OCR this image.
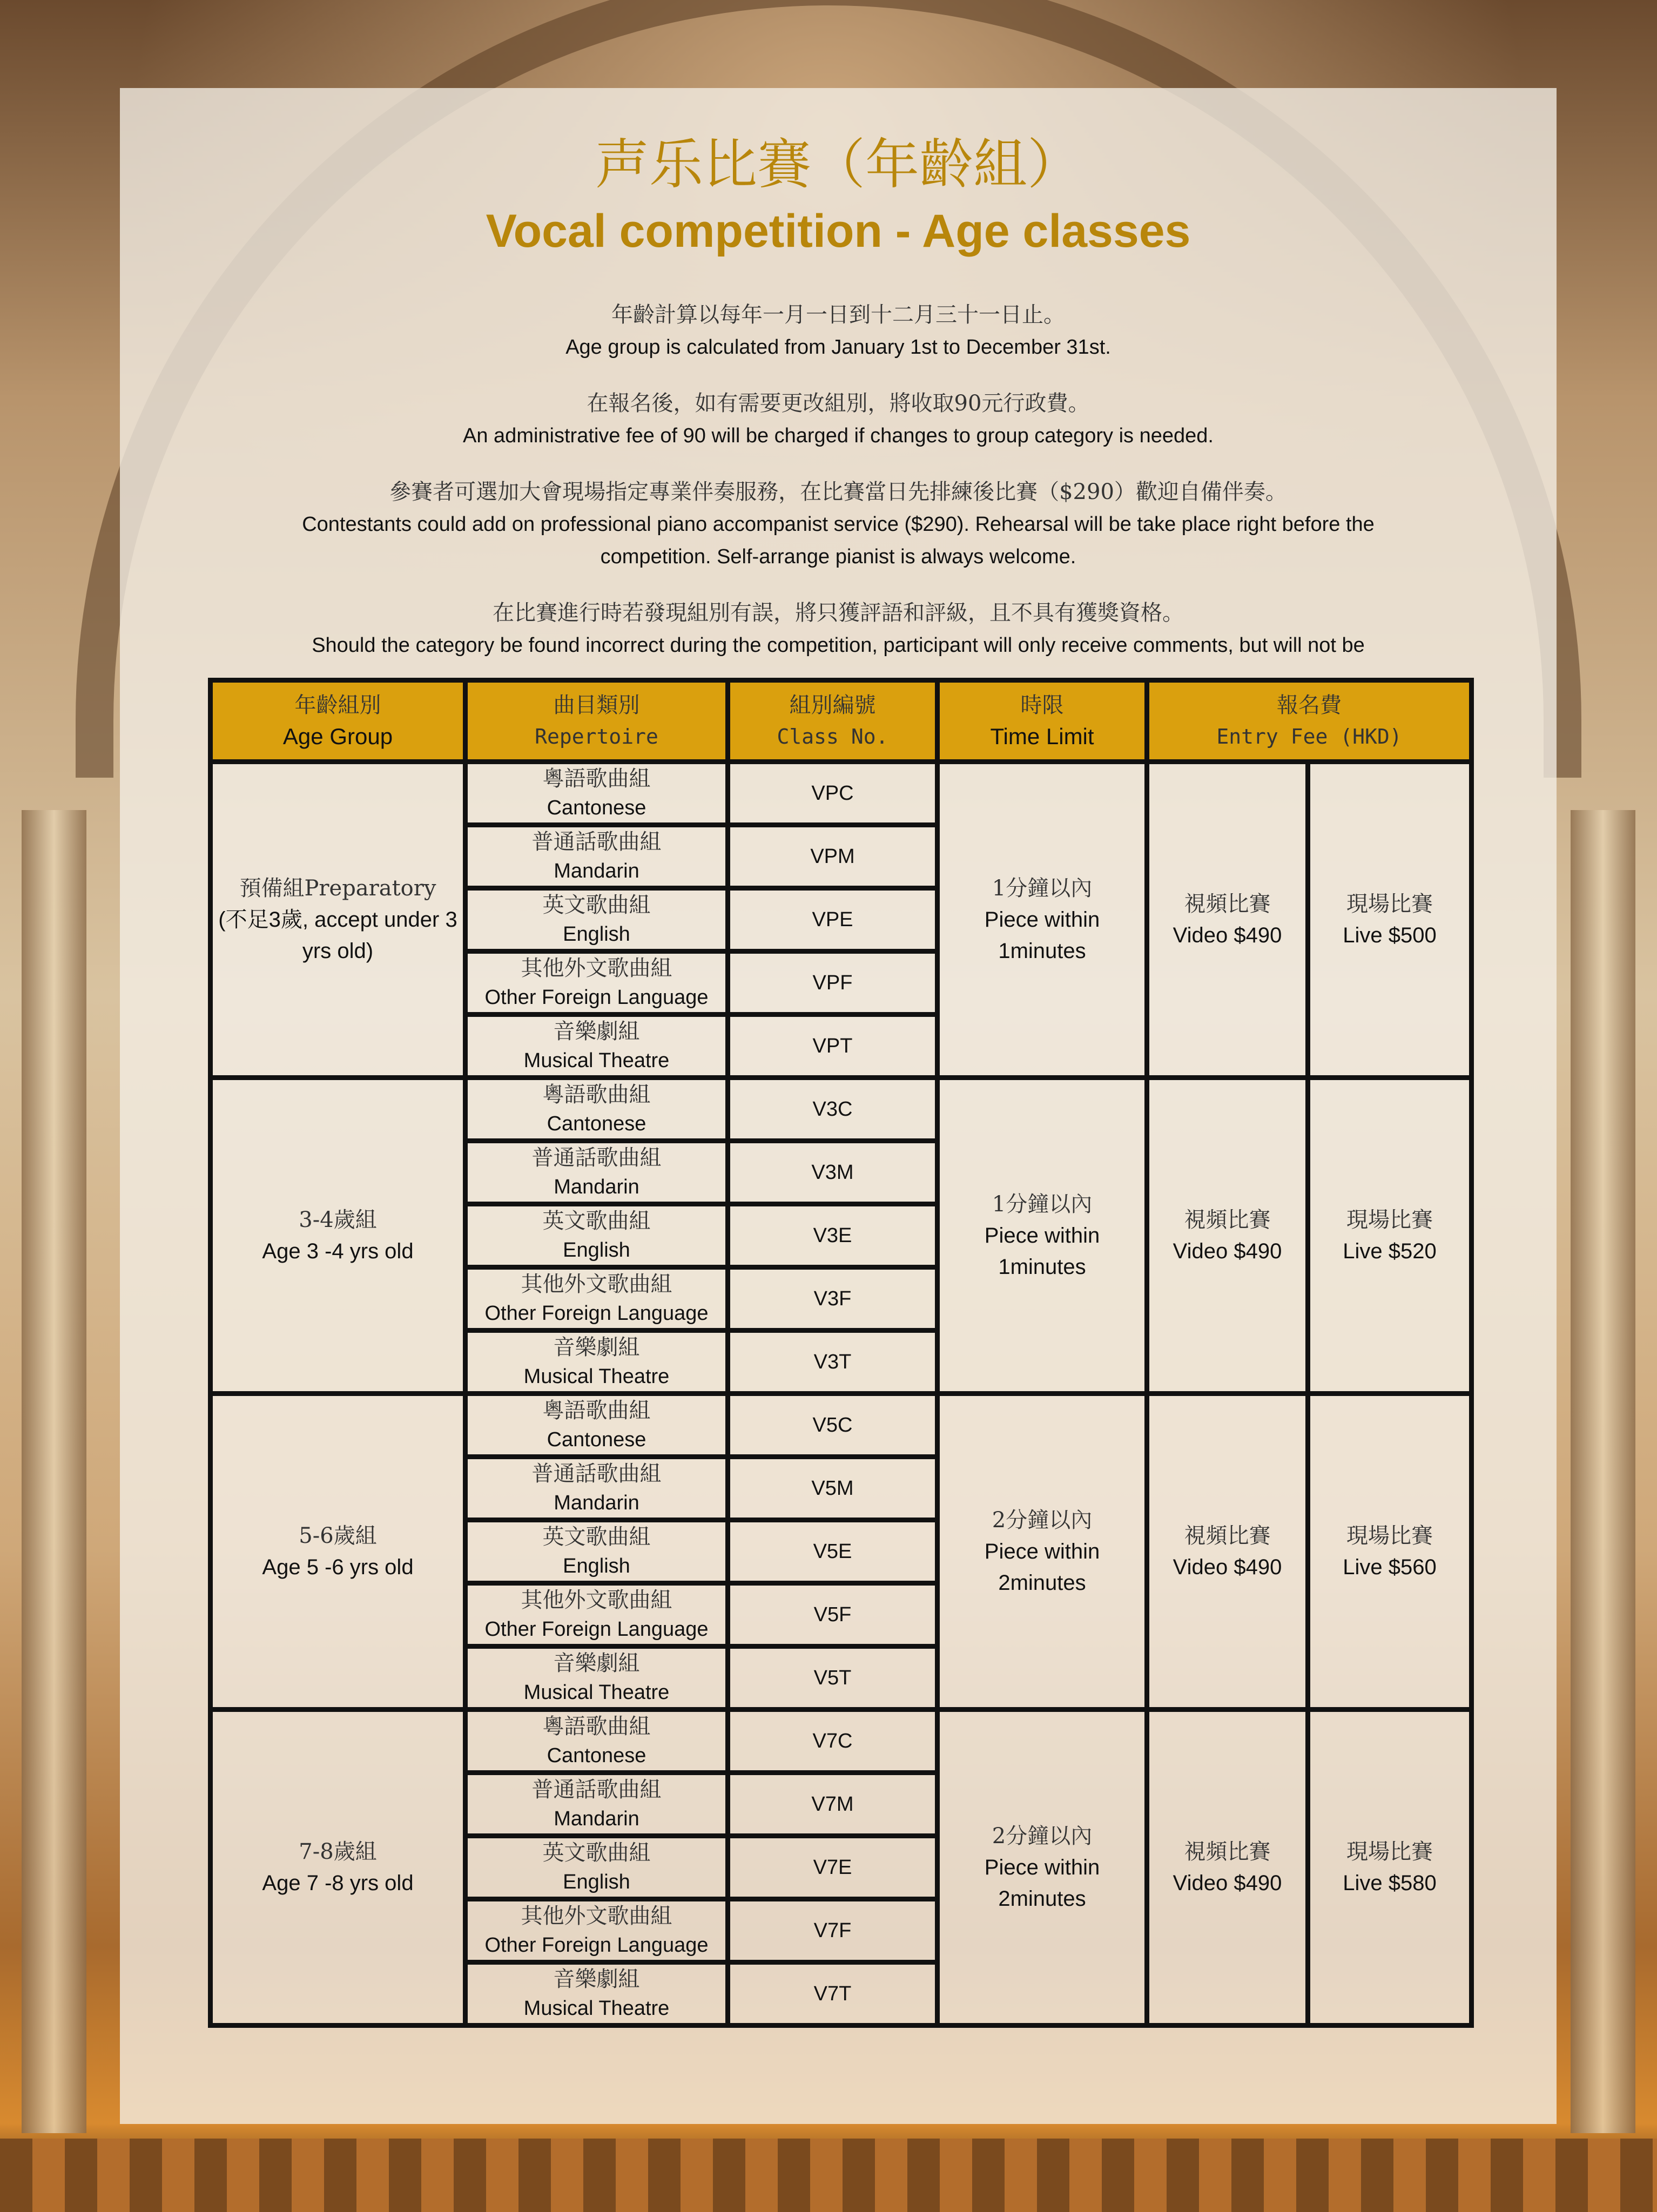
声乐比賽（年齡組）
Vocal competition - Age classes
年齡計算以每年一月一日到十二月三十一日止。
Age group is calculated from January 1st to December 31st.
在報名後，如有需要更改組別，將收取90元行政費。
An administrative fee of 90 will be charged if changes to group category is needed.
參賽者可選加大會現場指定專業伴奏服務，在比賽當日先排練後比賽（$290）歡迎自備伴奏。
Contestants could add on professional piano accompanist service ($290). Rehearsal will be take place right before the competition. Self-arrange pianist is always welcome.
在比賽進行時若發現組別有誤，將只獲評語和評級，且不具有獲獎資格。
Should the category be found incorrect during the competition, participant will only receive comments, but will not be
年齡組別
Age Group	曲目類別
Repertoire	組別編號
Class No.	時限
Time Limit	報名費
Entry Fee (HKD)	

預備組Preparatory
(不足3歲, accept under 3 yrs old)	粵語歌曲組
Cantonese	VPC	1分鐘以內
Piece within
1minutes	視頻比賽
Video $490	現場比賽
Live $500

	普通話歌曲組
Mandarin	VPM			

	英文歌曲組
English	VPE			

	其他外文歌曲組
Other Foreign Language	VPF			

	音樂劇組
Musical Theatre	VPT			

3-4歲組
Age 3 -4 yrs old	粵語歌曲組
Cantonese	V3C	1分鐘以內
Piece within
1minutes	視頻比賽
Video $490	現場比賽
Live $520

	普通話歌曲組
Mandarin	V3M			

	英文歌曲組
English	V3E			

	其他外文歌曲組
Other Foreign Language	V3F			

	音樂劇組
Musical Theatre	V3T			

5-6歲組
Age 5 -6 yrs old	粵語歌曲組
Cantonese	V5C	2分鐘以內
Piece within
2minutes	視頻比賽
Video $490	現場比賽
Live $560

	普通話歌曲組
Mandarin	V5M			

	英文歌曲組
English	V5E			

	其他外文歌曲組
Other Foreign Language	V5F			

	音樂劇組
Musical Theatre	V5T			

7-8歲組
Age 7 -8 yrs old	粵語歌曲組
Cantonese	V7C	2分鐘以內
Piece within
2minutes	視頻比賽
Video $490	現場比賽
Live $580

	普通話歌曲組
Mandarin	V7M			

	英文歌曲組
English	V7E			

	其他外文歌曲組
Other Foreign Language	V7F			

	音樂劇組
Musical Theatre	V7T			
